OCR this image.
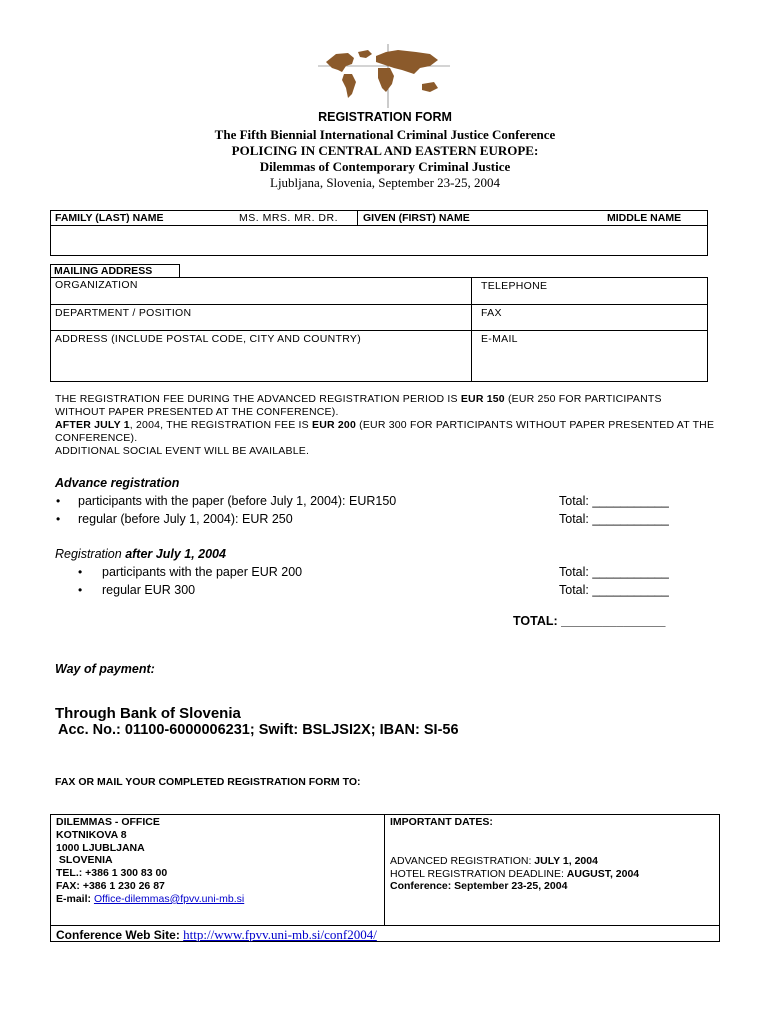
REGISTRATION FORM
The Fifth Biennial International Criminal Justice Conference
POLICING IN CENTRAL AND EASTERN EUROPE:
Dilemmas of Contemporary Criminal Justice
Ljubljana, Slovenia, September 23-25, 2004
FAMILY (LAST) NAME	MS. MRS. MR. DR. GIVEN (FIRST) NAME	MIDDLE NAME
MAILING ADDRESS
ORGANIZATION	TELEPHONE
DEPARTMENT / POSITION	FAX
ADDRESS (INCLUDE POSTAL CODE, CITY AND COUNTRY)	E-MAIL

THE REGISTRATION FEE DURING THE ADVANCED REGISTRATION PERIOD IS EUR 150 (EUR 250 FOR PARTICIPANTS WITHOUT PAPER PRESENTED AT THE CONFERENCE).

AFTER JULY 1, 2004, THE REGISTRATION FEE IS EUR 200 (EUR 300 FOR PARTICIPANTS WITHOUT PAPER PRESENTED AT THE CONFERENCE).

ADDITIONAL SOCIAL EVENT WILL BE AVAILABLE.

Advance registration
• participants with the paper (before July 1, 2004): EUR150	Total: ___________
• regular (before July 1, 2004): EUR 250	Total: ___________
Registration after July 1, 2004
• participants with the paper EUR 200	Total: ___________
• regular EUR 300	Total: ___________
TOTAL: _______________
Way of payment:
Through Bank of Slovenia
Acc. No.: 01100-6000006231; Swift: BSLJSI2X; IBAN: SI-56
FAX OR MAIL YOUR COMPLETED REGISTRATION FORM TO:
DILEMMAS - OFFICE
KOTNIKOVA 8
1000 LJUBLJANA
SLOVENIA
TEL.: +386 1 300 83 00
FAX: +386 1 230 26 87
E-mail: Office-dilemmas@fpvv.uni-mb.si
IMPORTANT DATES:
ADVANCED REGISTRATION: JULY 1, 2004
HOTEL REGISTRATION DEADLINE: AUGUST, 2004
Conference: September 23-25, 2004
Conference Web Site: http://www.fpvv.uni-mb.si/conf2004/
